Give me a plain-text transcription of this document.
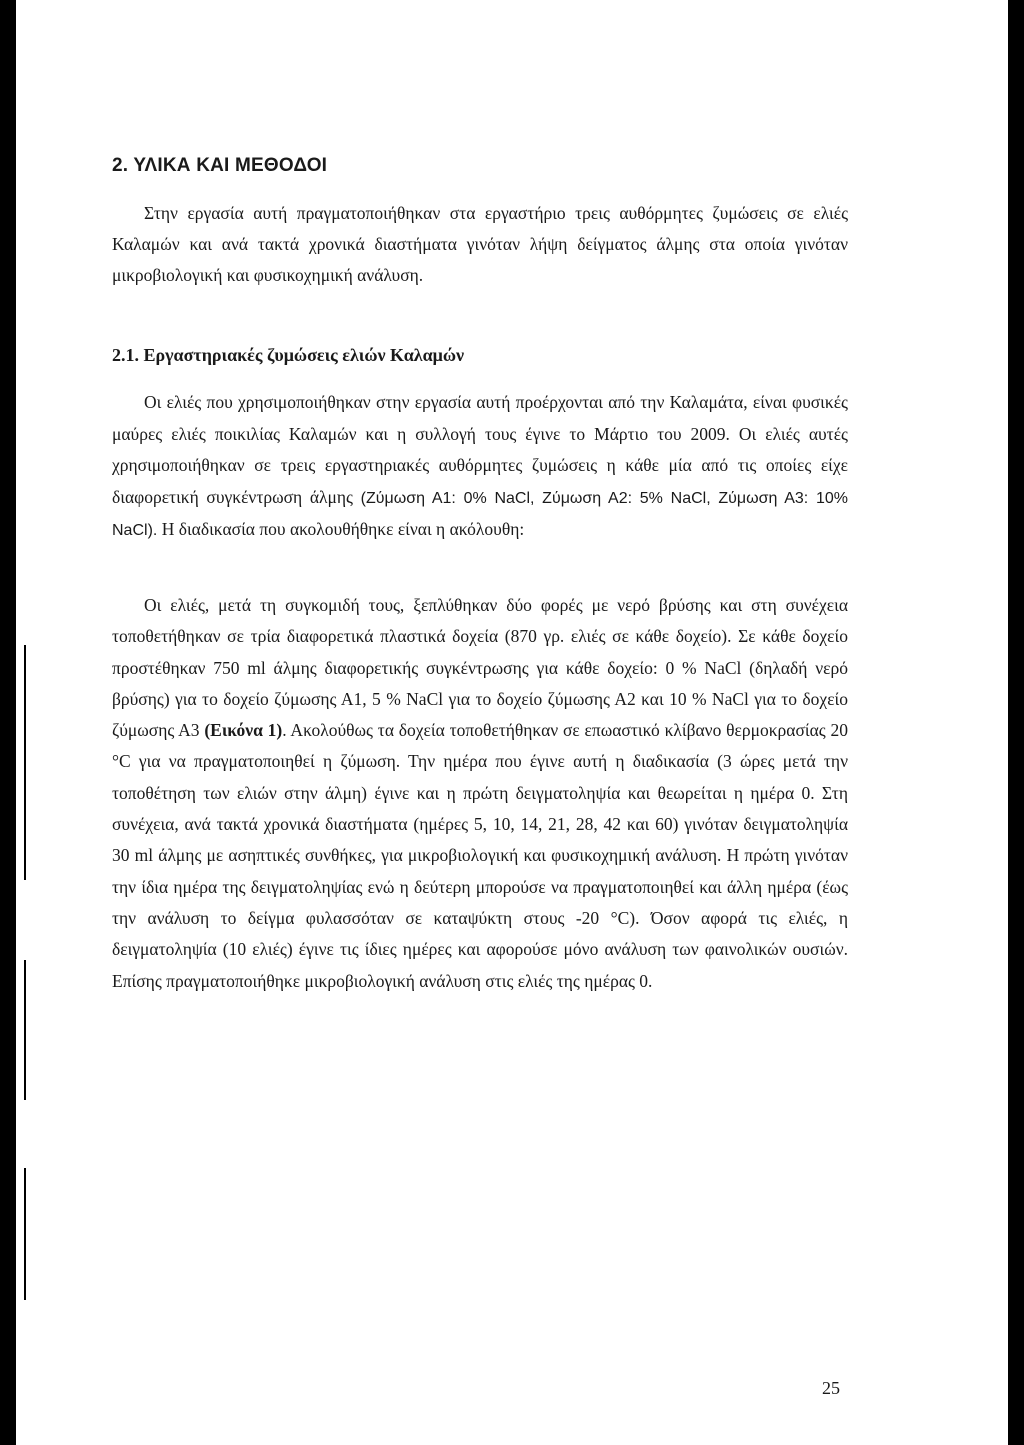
2. ΥΛΙΚΑ ΚΑΙ ΜΕΘΟΔΟΙ

Στην εργασία αυτή πραγματοποιήθηκαν στα εργαστήριο τρεις αυθόρμητες ζυμώσεις σε ελιές Καλαμών και ανά τακτά χρονικά διαστήματα γινόταν λήψη δείγματος άλμης στα οποία γινόταν μικροβιολογική και φυσικοχημική ανάλυση.

2.1. Εργαστηριακές ζυμώσεις ελιών Καλαμών

Οι ελιές που χρησιμοποιήθηκαν στην εργασία αυτή προέρχονται από την Καλαμάτα, είναι φυσικές μαύρες ελιές ποικιλίας Καλαμών και η συλλογή τους έγινε το Μάρτιο του 2009. Οι ελιές αυτές χρησιμοποιήθηκαν σε τρεις εργαστηριακές αυθόρμητες ζυμώσεις η κάθε μία από τις οποίες είχε διαφορετική συγκέντρωση άλμης (Ζύμωση Α1: 0% NaCl, Ζύμωση Α2: 5% NaCl, Ζύμωση Α3: 10% NaCl). Η διαδικασία που ακολουθήθηκε είναι η ακόλουθη:

Οι ελιές, μετά τη συγκομιδή τους, ξεπλύθηκαν δύο φορές με νερό βρύσης και στη συνέχεια τοποθετήθηκαν σε τρία διαφορετικά πλαστικά δοχεία (870 γρ. ελιές σε κάθε δοχείο). Σε κάθε δοχείο προστέθηκαν 750 ml άλμης διαφορετικής συγκέντρωσης για κάθε δοχείο: 0 % NaCl (δηλαδή νερό βρύσης) για το δοχείο ζύμωσης Α1, 5 % NaCl για το δοχείο ζύμωσης Α2 και 10 % NaCl για το δοχείο ζύμωσης Α3 (Εικόνα 1). Ακολούθως τα δοχεία τοποθετήθηκαν σε επωαστικό κλίβανο θερμοκρασίας 20 °C για να πραγματοποιηθεί η ζύμωση. Την ημέρα που έγινε αυτή η διαδικασία (3 ώρες μετά την τοποθέτηση των ελιών στην άλμη) έγινε και η πρώτη δειγματοληψία και θεωρείται η ημέρα 0. Στη συνέχεια, ανά τακτά χρονικά διαστήματα (ημέρες 5, 10, 14, 21, 28, 42 και 60) γινόταν δειγματοληψία 30 ml άλμης με ασηπτικές συνθήκες, για μικροβιολογική και φυσικοχημική ανάλυση. Η πρώτη γινόταν την ίδια ημέρα της δειγματοληψίας ενώ η δεύτερη μπορούσε να πραγματοποιηθεί και άλλη ημέρα (έως την ανάλυση το δείγμα φυλασσόταν σε καταψύκτη στους -20 °C). Όσον αφορά τις ελιές, η δειγματοληψία (10 ελιές) έγινε τις ίδιες ημέρες και αφορούσε μόνο ανάλυση των φαινολικών ουσιών. Επίσης πραγματοποιήθηκε μικροβιολογική ανάλυση στις ελιές της ημέρας 0.

25
